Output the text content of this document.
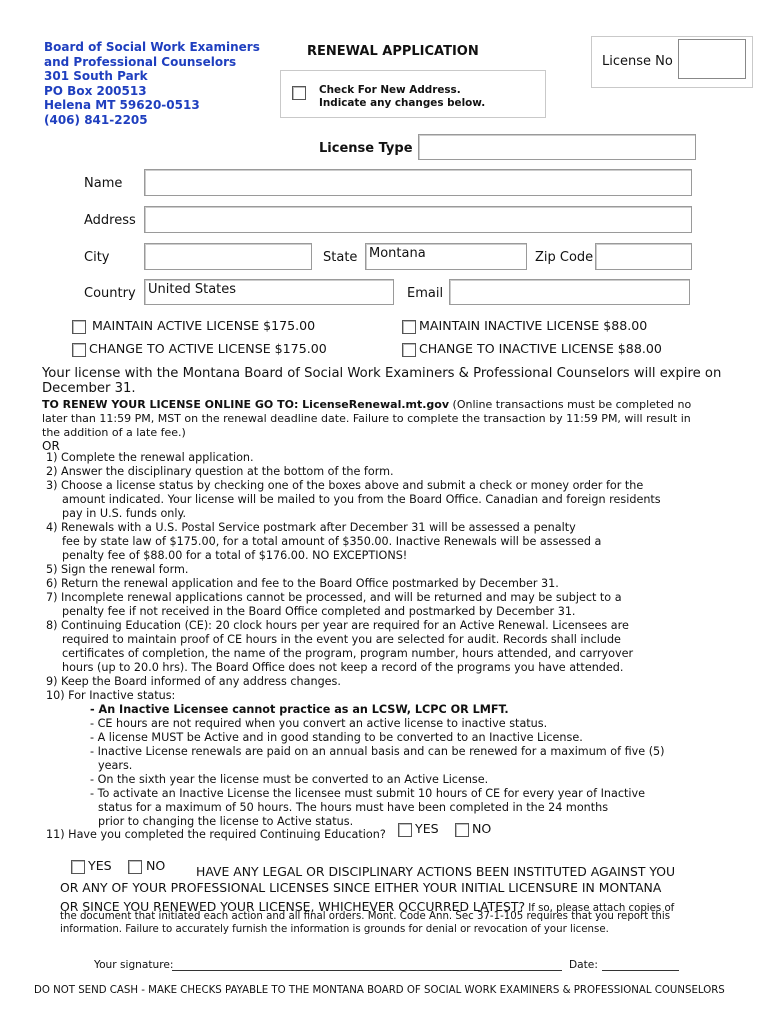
Board of Social Work Examiners
and Professional Counselors
301 South Park
PO Box 200513
Helena MT 59620-0513
(406) 841-2205
RENEWAL APPLICATION
Check For New Address.
Indicate any changes below.
License No
License Type
Name
Address
City	State Montana	Zip Code
Country United States	Email
MAINTAIN ACTIVE LICENSE $175.00	MAINTAIN INACTIVE LICENSE $88.00
CHANGE TO ACTIVE LICENSE $175.00	CHANGE TO INACTIVE LICENSE $88.00
Your license with the Montana Board of Social Work Examiners & Professional Counselors will expire on December 31.
TO RENEW YOUR LICENSE ONLINE GO TO: LicenseRenewal.mt.gov (Online transactions must be completed no
later than 11:59 PM, MST on the renewal deadline date. Failure to complete the transaction by 11:59 PM, will result in
the addition of a late fee.)
OR
1) Complete the renewal application.
2) Answer the disciplinary question at the bottom of the form.
3) Choose a license status by checking one of the boxes above and submit a check or money order for the
amount indicated. Your license will be mailed to you from the Board Office. Canadian and foreign residents
pay in U.S. funds only.
4) Renewals with a U.S. Postal Service postmark after December 31 will be assessed a penalty
fee by state law of $175.00, for a total amount of $350.00. Inactive Renewals will be assessed a
penalty fee of $88.00 for a total of $176.00. NO EXCEPTIONS!
5) Sign the renewal form.
6) Return the renewal application and fee to the Board Office postmarked by December 31.
7) Incomplete renewal applications cannot be processed, and will be returned and may be subject to a
penalty fee if not received in the Board Office completed and postmarked by December 31.
8) Continuing Education (CE): 20 clock hours per year are required for an Active Renewal. Licensees are
required to maintain proof of CE hours in the event you are selected for audit. Records shall include
certificates of completion, the name of the program, program number, hours attended, and carryover
hours (up to 20.0 hrs). The Board Office does not keep a record of the programs you have attended.
9) Keep the Board informed of any address changes.
10) For Inactive status:
- An Inactive Licensee cannot practice as an LCSW, LCPC OR LMFT.
- CE hours are not required when you convert an active license to inactive status.
- A license MUST be Active and in good standing to be converted to an Inactive License.
- Inactive License renewals are paid on an annual basis and can be renewed for a maximum of five (5)
years.
- On the sixth year the license must be converted to an Active License.
- To activate an Inactive License the licensee must submit 10 hours of CE for every year of Inactive
status for a maximum of 50 hours. The hours must have been completed in the 24 months
prior to changing the license to Active status.
11) Have you completed the required Continuing Education? YES	NO
YES	NO HAVE ANY LEGAL OR DISCIPLINARY ACTIONS BEEN INSTITUTED AGAINST YOU
OR ANY OF YOUR PROFESSIONAL LICENSES SINCE EITHER YOUR INITIAL LICENSURE IN MONTANA
OR SINCE YOU RENEWED YOUR LICENSE, WHICHEVER OCCURRED LATEST? If so, please attach copies of
the document that initiated each action and all final orders. Mont. Code Ann. Sec 37-1-105 requires that you report this
information. Failure to accurately furnish the information is grounds for denial or revocation of your license.
Your signature:	Date:
DO NOT SEND CASH - MAKE CHECKS PAYABLE TO THE MONTANA BOARD OF SOCIAL WORK EXAMINERS & PROFESSIONAL COUNSELORS
